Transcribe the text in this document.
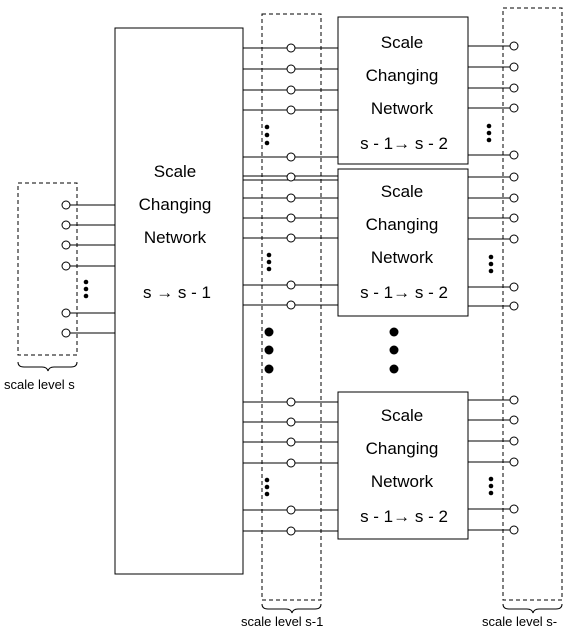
Scale
Changing
Network
s → s - 1
Scale
Changing
Network
s - 1→ s - 2
Scale
Changing
Network
s - 1→ s - 2
Scale
Changing
Network
s - 1→ s - 2
scale level s
scale level s-1	scale level s-
